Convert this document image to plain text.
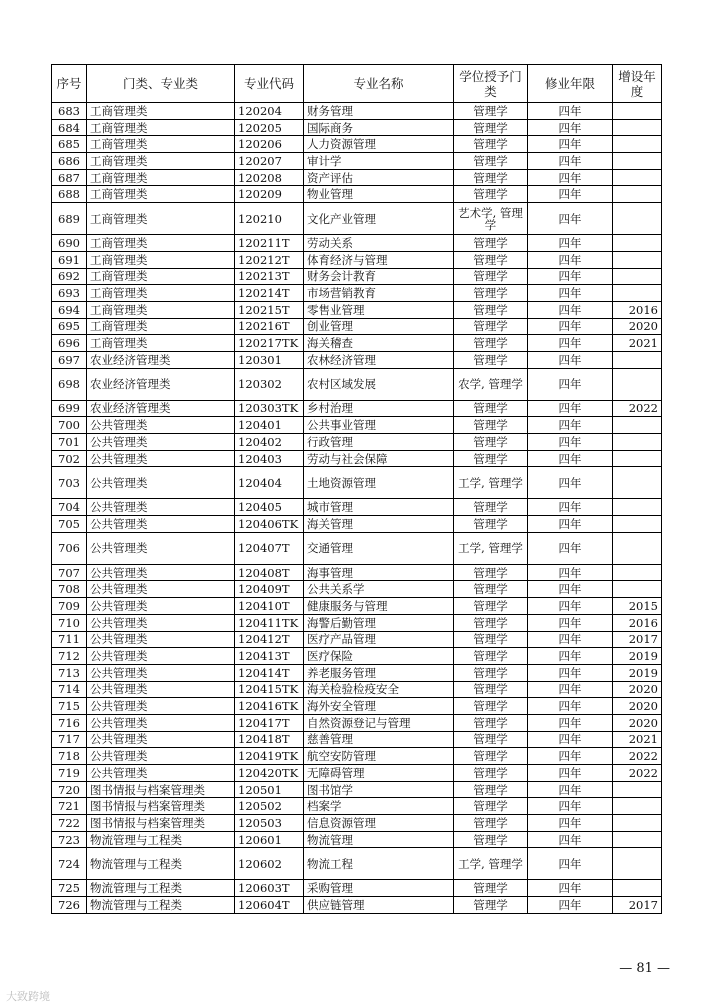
序号	门类、专业类	专业代码	专业名称	学位授予门类	修业年限	增设年度
683	工商管理类	120204	财务管理	管理学	四年	
684	工商管理类	120205	国际商务	管理学	四年	
685	工商管理类	120206	人力资源管理	管理学	四年	
686	工商管理类	120207	审计学	管理学	四年	
687	工商管理类	120208	资产评估	管理学	四年	
688	工商管理类	120209	物业管理	管理学	四年	
689	工商管理类	120210	文化产业管理	艺术学, 管理学	四年	
690	工商管理类	120211T	劳动关系	管理学	四年	
691	工商管理类	120212T	体育经济与管理	管理学	四年	
692	工商管理类	120213T	财务会计教育	管理学	四年	
693	工商管理类	120214T	市场营销教育	管理学	四年	
694	工商管理类	120215T	零售业管理	管理学	四年	2016
695	工商管理类	120216T	创业管理	管理学	四年	2020
696	工商管理类	120217TK	海关稽查	管理学	四年	2021
697	农业经济管理类	120301	农林经济管理	管理学	四年	
698	农业经济管理类	120302	农村区域发展	农学, 管理学	四年	
699	农业经济管理类	120303TK	乡村治理	管理学	四年	2022
700	公共管理类	120401	公共事业管理	管理学	四年	
701	公共管理类	120402	行政管理	管理学	四年	
702	公共管理类	120403	劳动与社会保障	管理学	四年	
703	公共管理类	120404	土地资源管理	工学, 管理学	四年	
704	公共管理类	120405	城市管理	管理学	四年	
705	公共管理类	120406TK	海关管理	管理学	四年	
706	公共管理类	120407T	交通管理	工学, 管理学	四年	
707	公共管理类	120408T	海事管理	管理学	四年	
708	公共管理类	120409T	公共关系学	管理学	四年	
709	公共管理类	120410T	健康服务与管理	管理学	四年	2015
710	公共管理类	120411TK	海警后勤管理	管理学	四年	2016
711	公共管理类	120412T	医疗产品管理	管理学	四年	2017
712	公共管理类	120413T	医疗保险	管理学	四年	2019
713	公共管理类	120414T	养老服务管理	管理学	四年	2019
714	公共管理类	120415TK	海关检验检疫安全	管理学	四年	2020
715	公共管理类	120416TK	海外安全管理	管理学	四年	2020
716	公共管理类	120417T	自然资源登记与管理	管理学	四年	2020
717	公共管理类	120418T	慈善管理	管理学	四年	2021
718	公共管理类	120419TK	航空安防管理	管理学	四年	2022
719	公共管理类	120420TK	无障碍管理	管理学	四年	2022
720	图书情报与档案管理类	120501	图书馆学	管理学	四年	
721	图书情报与档案管理类	120502	档案学	管理学	四年	
722	图书情报与档案管理类	120503	信息资源管理	管理学	四年	
723	物流管理与工程类	120601	物流管理	管理学	四年	
724	物流管理与工程类	120602	物流工程	工学, 管理学	四年	
725	物流管理与工程类	120603T	采购管理	管理学	四年	
726	物流管理与工程类	120604T	供应链管理	管理学	四年	2017
— 81 —
大致跨境
